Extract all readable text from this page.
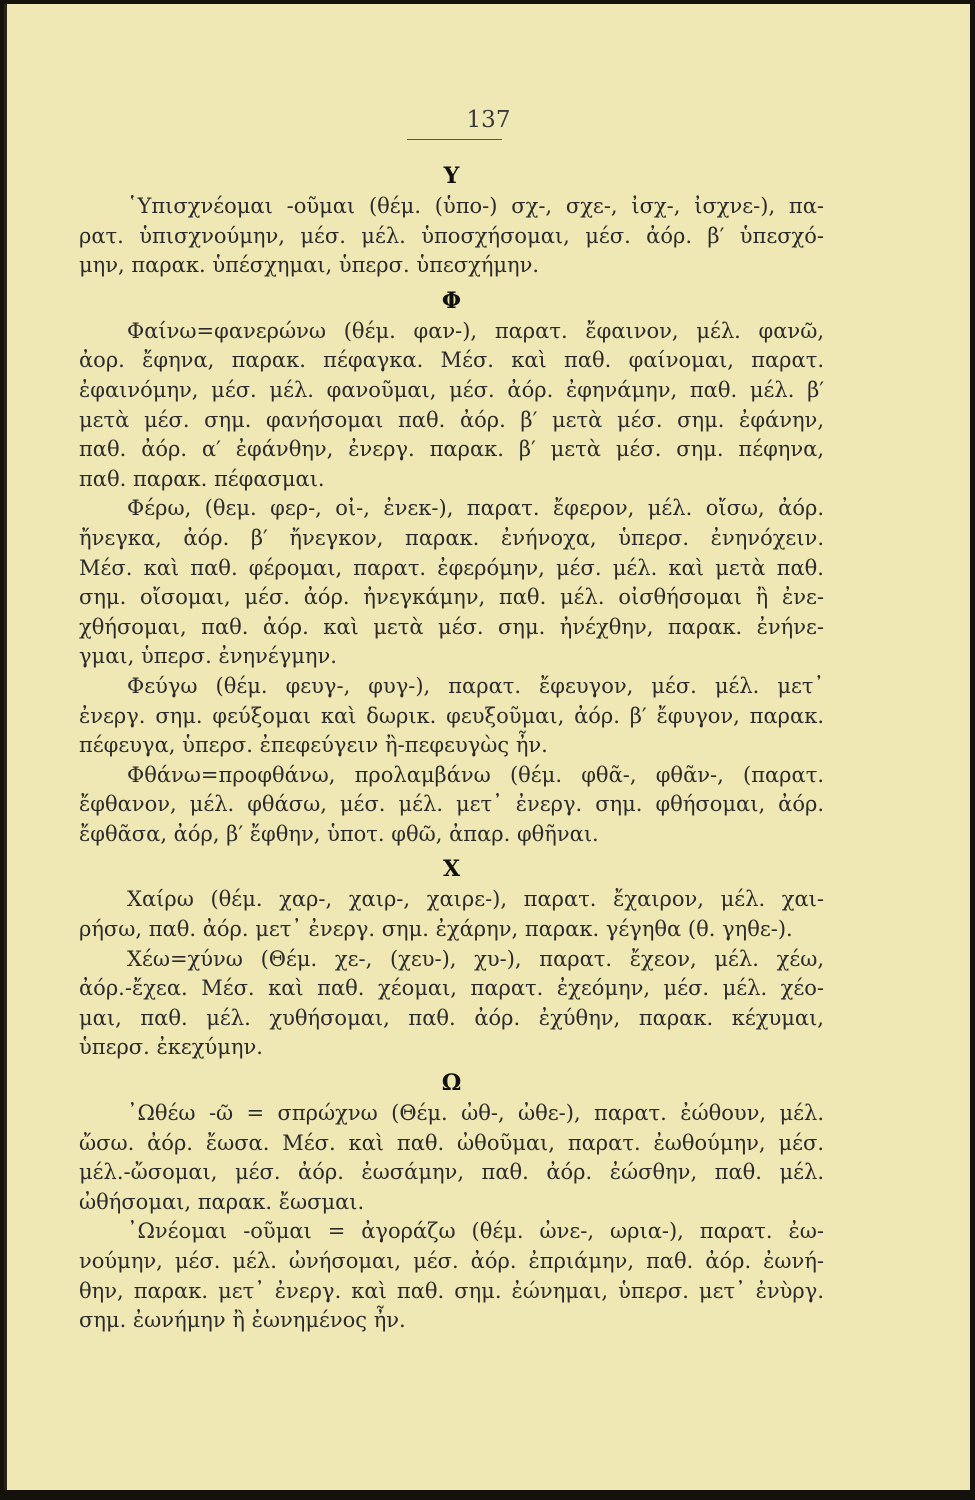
137
Υ
῾Υπισχνέομαι -οῦμαι (θέμ. (ὑπο-) σχ-, σχε-, ἰσχ-, ἰσχνε-), πα-
ρατ. ὑπισχνούμην, μέσ. μέλ. ὑποσχήσομαι, μέσ. ἀόρ. β′ ὑπεσχό-
μην, παρακ. ὑπέσχημαι, ὑπερσ. ὑπεσχήμην.
Φ
Φαίνω=φανερώνω (θέμ. φαν-), παρατ. ἔφαινον, μέλ. φανῶ,
ἀορ. ἔφηνα, παρακ. πέφαγκα. Μέσ. καὶ παθ. φαίνομαι, παρατ.
ἐφαινόμην, μέσ. μέλ. φανοῦμαι, μέσ. ἀόρ. ἐφηνάμην, παθ. μέλ. β′
μετὰ μέσ. σημ. φανήσομαι παθ. ἀόρ. β′ μετὰ μέσ. σημ. ἐφάνην,
παθ. ἀόρ. α′ ἐφάνθην, ἐνεργ. παρακ. β′ μετὰ μέσ. σημ. πέφηνα,
παθ. παρακ. πέφασμαι.
Φέρω, (θεμ. φερ-, οἰ-, ἐνεκ-), παρατ. ἔφερον, μέλ. οἴσω, ἀόρ.
ἤνεγκα, ἀόρ. β′ ἤνεγκον, παρακ. ἐνήνοχα, ὑπερσ. ἐνηνόχειν.
Μέσ. καὶ παθ. φέρομαι, παρατ. ἐφερόμην, μέσ. μέλ. καὶ μετὰ παθ.
σημ. οἴσομαι, μέσ. ἀόρ. ἠνεγκάμην, παθ. μέλ. οἰσθήσομαι ἢ ἐνε-
χθήσομαι, παθ. ἀόρ. καὶ μετὰ μέσ. σημ. ἠνέχθην, παρακ. ἐνήνε-
γμαι, ὑπερσ. ἐνηνέγμην.
Φεύγω (θέμ. φευγ-, φυγ-), παρατ. ἔφευγον, μέσ. μέλ. μετ᾽
ἐνεργ. σημ. φεύξομαι καὶ δωρικ. φευξοῦμαι, ἀόρ. β′ ἔφυγον, παρακ.
πέφευγα, ὑπερσ. ἐπεφεύγειν ἢ-πεφευγὼς ἦν.
Φθάνω=προφθάνω, προλαμβάνω (θέμ. φθᾶ-, φθᾶν-, (παρατ.
ἔφθανον, μέλ. φθάσω, μέσ. μέλ. μετ᾽ ἐνεργ. σημ. φθήσομαι, ἀόρ.
ἔφθᾶσα, ἀόρ, β′ ἔφθην, ὑποτ. φθῶ, ἀπαρ. φθῆναι.
Χ
Χαίρω (θέμ. χαρ-, χαιρ-, χαιρε-), παρατ. ἔχαιρον, μέλ. χαι-
ρήσω, παθ. ἀόρ. μετ᾽ ἐνεργ. σημ. ἐχάρην, παρακ. γέγηθα (θ. γηθε-).
Χέω=χύνω (Θέμ. χε-, (χευ-), χυ-), παρατ. ἔχεον, μέλ. χέω,
ἀόρ.-ἔχεα. Μέσ. καὶ παθ. χέομαι, παρατ. ἐχεόμην, μέσ. μέλ. χέο-
μαι, παθ. μέλ. χυθήσομαι, παθ. ἀόρ. ἐχύθην, παρακ. κέχυμαι,
ὑπερσ. ἐκεχύμην.
Ω
᾽Ωθέω -ῶ = σπρώχνω (Θέμ. ὠθ-, ὠθε-), παρατ. ἐώθουν, μέλ.
ὤσω. ἀόρ. ἔωσα. Μέσ. καὶ παθ. ὠθοῦμαι, παρατ. ἐωθούμην, μέσ.
μέλ.-ὤσομαι, μέσ. ἀόρ. ἐωσάμην, παθ. ἀόρ. ἐώσθην, παθ. μέλ.
ὠθήσομαι, παρακ. ἔωσμαι.
᾽Ωνέομαι -οῦμαι = ἀγοράζω (θέμ. ὠνε-, ωρια-), παρατ. ἐω-
νούμην, μέσ. μέλ. ὠνήσομαι, μέσ. ἀόρ. ἐπριάμην, παθ. ἀόρ. ἐωνή-
θην, παρακ. μετ᾽ ἐνεργ. καὶ παθ. σημ. ἐώνημαι, ὑπερσ. μετ᾽ ἐνὺργ.
σημ. ἐωνήμην ἢ ἐωνημένος ἦν.
